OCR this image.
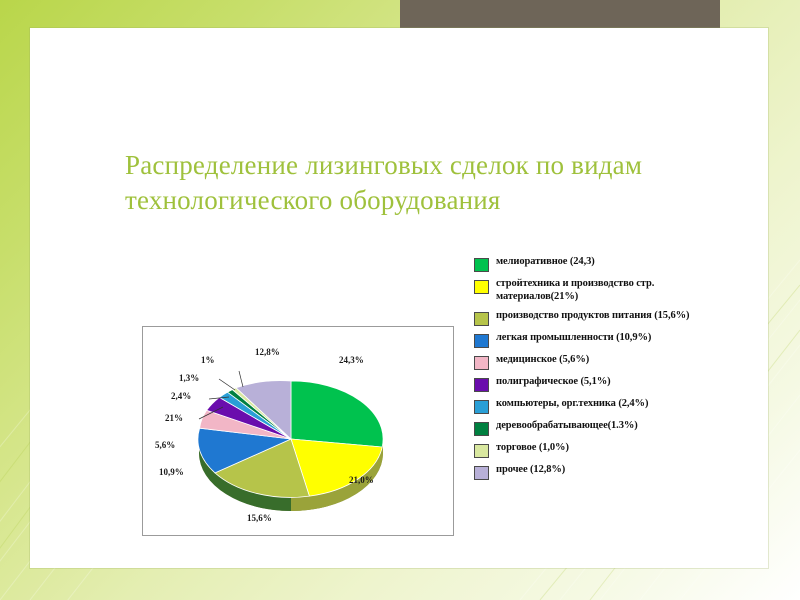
Распределение лизинговых сделок по видам технологического оборудования
24,3%
21,0%
15,6%
10,9%
5,6%
21%
2,4%
1,3%
1%
12,8%
мелиоративное (24,3)
стройтехника и производство стр. материалов(21%)
производство продуктов питания (15,6%)
легкая промышленности (10,9%)
медицинское (5,6%)
полиграфическое (5,1%)
компьютеры, орг.техника (2,4%)
деревообрабатывающее(1.3%)
торговое (1,0%)
прочее (12,8%)
